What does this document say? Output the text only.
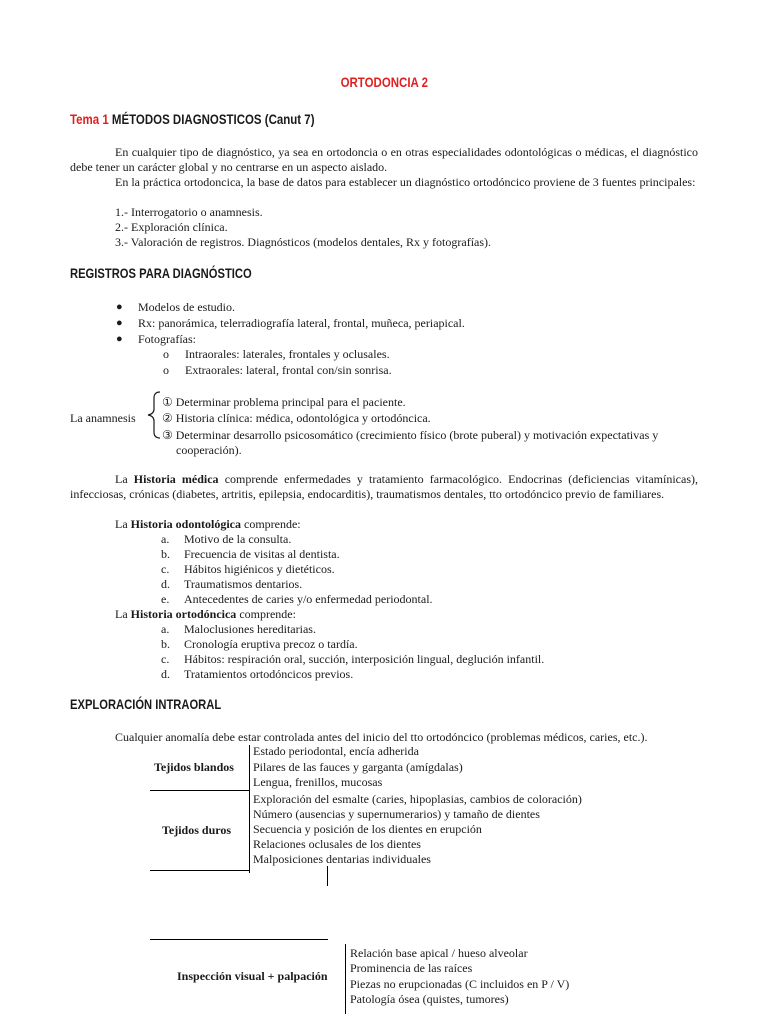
ORTODONCIA 2
Tema 1 MÉTODOS DIAGNOSTICOS (Canut 7)

En cualquier tipo de diagnóstico, ya sea en ortodoncia o en otras especialidades odontológicas o médicas, el diagnóstico debe tener un carácter global y no centrarse en un aspecto aislado.

En la práctica ortodoncica, la base de datos para establecer un diagnóstico ortodóncico proviene de 3 fuentes principales:

1.- Interrogatorio o anamnesis.
2.- Exploración clínica.
3.- Valoración de registros. Diagnósticos (modelos dentales, Rx y fotografías).
REGISTROS PARA DIAGNÓSTICO
● Modelos de estudio.
● Rx: panorámica, telerradiografía lateral, frontal, muñeca, periapical.
● Fotografías:
o Intraorales: laterales, frontales y oclusales.
o Extraorales: lateral, frontal con/sin sonrisa.
La anamnesis
① Determinar problema principal para el paciente.
② Historia clínica: médica, odontológica y ortodóncica.
③ Determinar desarrollo psicosomático (crecimiento físico (brote puberal) y motivación expectativas y
cooperación).

La Historia médica comprende enfermedades y tratamiento farmacológico. Endocrinas (deficiencias vitamínicas), infecciosas, crónicas (diabetes, artritis, epilepsia, endocarditis), traumatismos dentales, tto ortodóncico previo de familiares.

La Historia odontológica comprende:
a. Motivo de la consulta.
b. Frecuencia de visitas al dentista.
c. Hábitos higiénicos y dietéticos.
d. Traumatismos dentarios.
e. Antecedentes de caries y/o enfermedad periodontal.
La Historia ortodóncica comprende:
a. Maloclusiones hereditarias.
b. Cronología eruptiva precoz o tardía.
c. Hábitos: respiración oral, succión, interposición lingual, deglución infantil.
d. Tratamientos ortodóncicos previos.
EXPLORACIÓN INTRAORAL
Cualquier anomalía debe estar controlada antes del inicio del tto ortodóncico (problemas médicos, caries, etc.).
Tejidos blandos
Estado periodontal, encía adherida
Pilares de las fauces y garganta (amígdalas)
Lengua, frenillos, mucosas
Tejidos duros
Exploración del esmalte (caries, hipoplasias, cambios de coloración)
Número (ausencias y supernumerarios) y tamaño de dientes
Secuencia y posición de los dientes en erupción
Relaciones oclusales de los dientes
Malposiciones dentarias individuales
Inspección visual + palpación
Relación base apical / hueso alveolar
Prominencia de las raíces
Piezas no erupcionadas (C incluidos en P / V)
Patología ósea (quistes, tumores)
